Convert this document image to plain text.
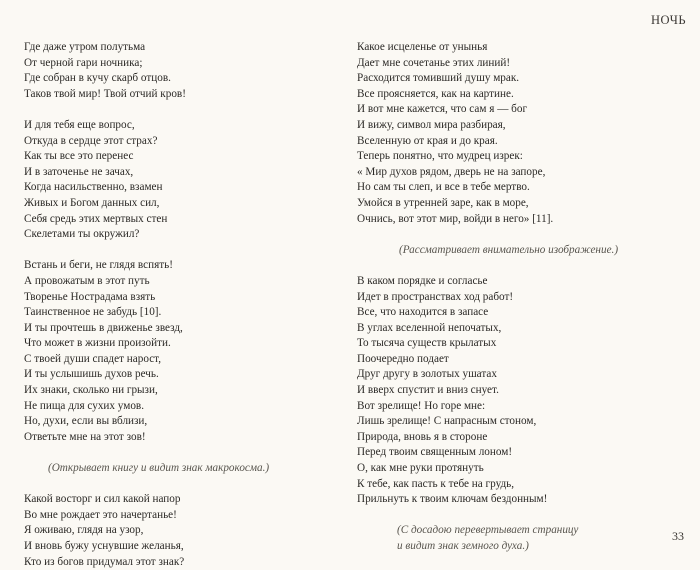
НОЧЬ
Где даже утром полутьма
От черной гари ночника;
Где собран в кучу скарб отцов.
Таков твой мир! Твой отчий кров!
И для тебя еще вопрос,
Откуда в сердце этот страх?
Как ты все это перенес
И в заточенье не зачах,
Когда насильственно, взамен
Живых и Богом данных сил,
Себя средь этих мертвых стен
Скелетами ты окружил?
Встань и беги, не глядя вспять!
А провожатым в этот путь
Творенье Нострадама взять
Таинственное не забудь [10].
И ты прочтешь в движенье звезд,
Что может в жизни произойти.
С твоей души спадет нарост,
И ты услышишь духов речь.
Их знаки, сколько ни грызи,
Не пища для сухих умов.
Но, духи, если вы вблизи,
Ответьте мне на этот зов!
(Открывает книгу и видит знак макрокосма.)
Какой восторг и сил какой напор
Во мне рождает это начертанье!
Я оживаю, глядя на узор,
И вновь бужу уснувшие желанья,
Кто из богов придумал этот знак?
Какое исцеленье от унынья
Дает мне сочетанье этих линий!
Расходится томивший душу мрак.
Все проясняется, как на картине.
И вот мне кажется, что сам я — бог
И вижу, символ мира разбирая,
Вселенную от края и до края.
Теперь понятно, что мудрец изрек:
« Мир духов рядом, дверь не на запоре,
Но сам ты слеп, и все в тебе мертво.
Умойся в утренней заре, как в море,
Очнись, вот этот мир, войди в него» [11].
(Рассматривает внимательно изображение.)
В каком порядке и согласье
Идет в пространствах ход работ!
Все, что находится в запасе
В углах вселенной непочатых,
То тысяча существ крылатых
Поочередно подает
Друг другу в золотых ушатах
И вверх спустит и вниз снует.
Вот зрелище! Но горе мне:
Лишь зрелище! С напрасным стоном,
Природа, вновь я в стороне
Перед твоим священным лоном!
О, как мне руки протянуть
К тебе, как пасть к тебе на грудь,
Прильнуть к твоим ключам бездонным!
(С досадою перевертывает страницу
и видит знак земного духа.)
33
